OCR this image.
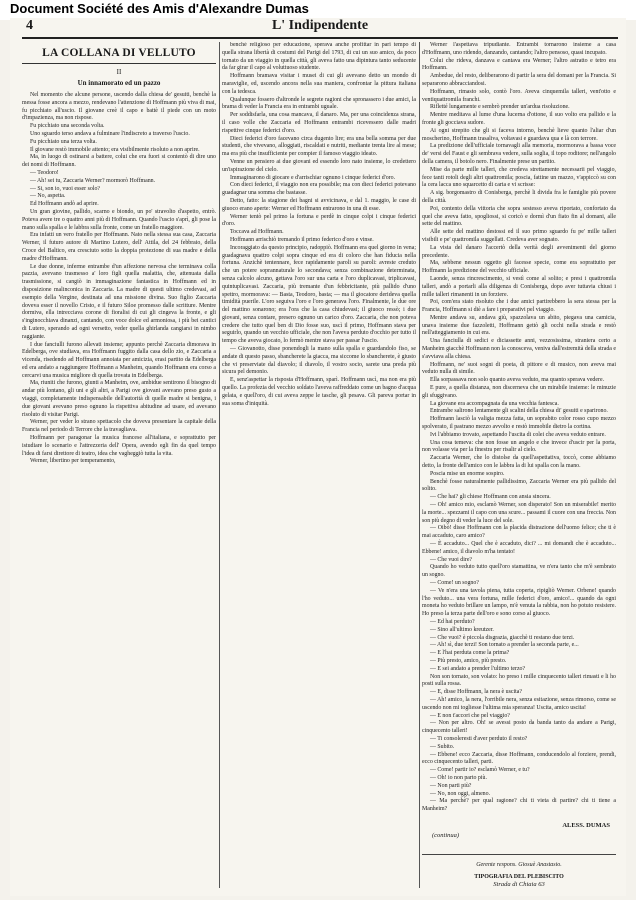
Document Société des Amis d'Alexandre Dumas
4	L' Indipendente
LA COLLANA DI VELLUTO
II
Un innamorato ed un pazzo

Nel momento che alcune persone, uscendo dalla chiesa de' gesuiti, benchè la messa fosse ancora a mezzo, rendevano l'attenzione di Hoffmann più viva di mai, fu picchiato all'uscio. Il giovane creè il capo e battè il piede con un moto d'impazienza, ma non rispose.

Fu picchiato una seconda volta.

Uno sguardo terso andava a fulminare l'indiscreto a traverso l'uscio.

Fu picchiato una terza volta.

Il giovane restò immobile attento; era visibilmente risoluto a non aprire.

Ma, in luogo di ostinarsi a battere, colui che era fuori si contentò di dire uno dei nomi di Hoffmann.

— Teodoro!

— Ah! sei tu, Zaccaria Werner? mormorò Hoffmann.

— Si, son io, vuoi esser solo?

— No, aspetta.

Ed Hoffmann andò ad aprire.

Un gran giovine, pallido, scarno e biondo, un po' stravolto d'aspetto, entrò. Poteva avere tre o quattro anni più di Hoffmann. Quando l'uscio s'aprì, gli pose la mano sulla spalla e le labbra sulla fronte, come un fratello maggiore.

Era infatti un vero fratello per Hoffmann. Nato nella stessa sua casa, Zaccaria Werner, il futuro autore di Martino Lutero, dell' Attila, del 24 febbraio, della Croce del Baltico, era cresciuto sotto la doppia protezione di sua madre e della madre d'Hoffmann.

Le due donne, inferme entrambe d'un affezione nervosa che terminava colla pazzia, avevano trasmesso a' loro figli quella malattia, che, attenuata dalla trasmissione, si cangiò in immaginazione fantastica in Hoffmann ed in disposizione malinconica in Zaccaria. La madre di questi ultimo credevasi, ad esempio della Vergine, destinata ad una missione divina. Suo figlio Zaccaria doveva esser il novello Cristo, e il futuro Siloe promesso dalle scritture. Mentre dormiva, ella intrecciava corone di fioralisi di cui gli cingeva la fronte, e gli s'inginocchiava dinanzi, cantando, con voce dolce ed armoniosa, i più bei cantici di Lutero, sperando ad ogni versetto, veder quella ghirlanda cangiarsi in nimbo raggiante.

I due fanciulli furono allevati insieme; appunto perchè Zaccaria dimorava in Edelberga, ove studiava, era Hoffmann fuggito dalla casa dello zio, e Zaccaria a vicenda, risedendo ad Hoffmann annoiata per amicizia, erasi partito da Edelberga ed era andato a raggiungere Hoffmann a Manheim, quando Hoffmann era corso a cercarvi una musica migliore di quella trovata in Edelberga.

Ma, riuniti che furono, giunti a Manheim, ove, ambidue sentirono il bisogno di andar più lontano, gli uni e gli altri, a Parigi ove giovani avevano preso gusto a viaggi, completamente indispensabile dell'autorità di quelle madre si benigna, i due giovani avevano preso ognuno la rispettiva abitudine ad usare, ed avevano risoluto di visitar Parigi.

Werner, per veder lo strano spettacolo che doveva presentare la capitale della Francia nel periodo di Terrore che la travagliava.

Hoffmann per paragonar la musica francese all'italiana, e soprattutto per istudiare lo scenario e l'attrezzeria dell' Opera, avendo egli fin da quel tempo l'idea di farsi direttore di teatro, idea che vagheggiò tutta la vita.

Werner, libertino per temperamento,

benchè religioso per educazione, sperava anche profittar in pari tempo di quella strana libertà di costumi del Parigi del 1793, di cui un suo amico, da poco tornato da un viaggio in quella città, gli aveva fatto una dipintura tanto seducente da far girar il capo al voluttuoso studente.

Hoffmann bramava visitar i musei di cui gli avevano detto un mondo di maraviglie, ed, uscendo ancora nella sua maniera, confrontar la pittura italiana con la tedesca.

Qualunque fossero d'altronde le segrete ragioni che spronassero i due amici, la brama di veder la Francia era in entrambi uguale.

Per soddisfarla, una cosa mancava, il danaro. Ma, per una coincidenza strana, il caso volle che Zaccaria ed Hoffmann entrambi ricevessero dalle madri rispettive cinque federici d'oro.

Dieci federici d'oro facevano circa dugento lire; era una bella somma per due studenti, che vivevano, alloggiati, riscaldati e nutriti, mediante trenta lire al mese; ma era più che insufficiente per compier il famoso viaggio ideato.

Venne un pensiero ai due giovani ed essendo loro nato insieme, lo credettero un'ispirazione del cielo.

Immaginarono di giocare e d'arrischiar ognuno i cinque federici d'oro.

Con dieci federici, il viaggio non era possibile; ma con dieci federici potevano guadagnar una somma che bastasse.

Detto, fatto: la stagione dei bagni si avvicinava, e dal 1. maggio, le case di giuoco erano aperte: Werner ed Hoffmann entrarono in una di esse.

Werner tentò pel primo la fortuna e perdè in cinque colpi i cinque federici d'oro.

Toccava ad Hoffmann.

Hoffmann arrischiò tremando il primo federico d'oro e vinse.

Incoraggiato da questo principio, radoppiò. Hoffmann era quel giorno in vena; guadagnava quattro colpi sopra cinque ed era di coloro che han fiducia nella fortuna. Anzichè tentennare, fece rapidamente paroli su paroli: avreste creduto che un potere soprannaturale lo secondava; senza combinazione determinata, senza calcolo alcuno, gettava l'oro sur una carta e l'oro duplicavasi, triplicavasi, quintuplicavasi. Zaccaria, più tremante d'un febbricitante, più pallido d'uno spettro, mormorava: — Basta, Teodoro, basta; — ma il giocatore derideva quella timidità puerile. L'oro seguiva l'oro e l'oro generava l'oro. Finalmente, le due ore del mattino sonarono; era l'ora che la casa chiudevasi; il giuoco ressò; i due giovani, senza contare, presero ognuno un carico d'oro. Zaccaria, che non poteva credere che tutto quel ben di Dio fosse suo, uscì il primo, Hoffmann stava per seguirlo, quando un vecchio ufficiale, che non l'aveva perduto d'occhio per tutto il tempo che aveva giocato, lo fermò mentre stava per passar l'uscio.

— Giovanotto, disse ponendogli la mano sulla spalla e guardandolo fiso, se andate di questo passo, sbancherete la giacca, ma siccome lo sbancherete, è giusto che vi preserviate dal diavolo; il diavolo, il vostro socio, sarete una preda più sicura pel demonio.

E, senz'aspettar la risposta d'Hoffmann, sparì. Hoffmann uscì, ma non era più quello. La profezia del vecchio soldato l'aveva raffreddato come un bagno d'acqua gelata, e quell'oro, di cui aveva zeppe le tasche, gli pesava. Gli pareva portar in sua soma d'iniquità.

Werner l'aspettava tripudiante. Entrambi tornarono insieme a casa d'Hoffmann, uno ridendo, danzando, cantando; l'altro pensoso, quasi incupato.

Colui che rideva, danzava e cantava era Werner; l'altro astratto e tetro era Hoffmann.

Ambedue, del resto, deliberarono di partir la sera del domani per la Francia. Si separarono abbracciandosi.

Hoffmann, rimasto solo, contò l'oro. Aveva cinquemila talleri, vent'otto e ventiquattromila franchi.

Rifletté lungamente e sembrò prender un'ardua risoluzione.

Mentre meditava al lume d'una lucerna d'ottone, il suo volto era pallido e la fronte gli gocciava sudore.

Ai ogni strepito che gli si faceva intorno, benchè lieve quanto l'aliar d'un moscherino, Hoffmann trasaliva, voltavasi e guardava qua e là con terrore.

La predizione dell'ufficiale tornavagli alla memoria, mormorava a bassa voce de' versi del Faust e gli sembrava vedere, sulla soglia, il topo roditore; nell'angolo della camera, il botolo nero. Finalmente prese un partito.

Mise da parte mille talleri, che credeva strettamente necessarii pel viaggio, fece tanti rotoli degli altri quattromila; poscia, fattine un mazzo, v'appiccò su con la cera lacca uno squarcetto di carta e vi scrisse:

A sig. borgomastro di Conisberga, perchè li divida fra le famiglie più povere della città.

Poi, contento della vittoria che sopra sestesso aveva riportato, confortato da quel che aveva fatto, spogliossi, si coricò e dormì d'un fiato fin al domani, alle sette del mattino.

Alle sette del mattino destossi ed il suo primo sguardo fu pe' mille talleri visibili e pe' quattromila suggellati. Credeva aver sognato.

La vista del danaro l'accertò della verità degli avvenimenti del giorno precedente.

Ma, sebbene nessun oggetto gli facesse specie, come era soprattutto per Hoffmann la predizione del vecchio ufficiale.

Laonde, senza rincrescimento, si vestì come al solito; e presi i quattromila talleri, andò a portarli alla diligenza di Conisberga, dopo aver tuttavia chiusi i mille talleri rimanenti in un forziere.

Poi, com'era stato risoluto che i due amici partirebbero la sera stessa per la Francia, Hoffmann si diè a fare i preparativi pel viaggio.

Mentre andava su, andava giù, spazzolava un abito, piegava una camicia, unava insieme due fazzoletti, Hoffmann gettò gli occhi nella strada e restò nell'atteggiamento in cui era.

Una fanciulla di sedici e diciassette anni, vezzosissima, straniera certo a Manheim giacchè Hoffmann non la conosceva, veniva dall'estremità della strada e s'avviava alla chiesa.

Hoffmann, ne' suoi sogni di poeta, di pittore e di musico, non aveva mai veduto nulla di simile.

Ella sorpassava non solo quanto aveva veduto, ma quanto sperava vedere.

E pure, a quella distanza, non discerneva che un mirabile insieme: le minuzie gli sfuggivano.

La giovane era accompagnata da una vecchia fantesca.

Entrambe salirono lentamente gli scalini della chiesa di' gesuiti e sparirono.

Hoffmann lasciò la valigia mezza fatta, un soprabito color rosso cupo mezzo spolverato, il pastrano mezzo avvolto e restò immobile dietro la cortina.

Ivi l'abbiamo trovato, aspettando l'uscita di colei che aveva veduto entrare.

Una cosa temeva: che non fosse un angelo e che invece d'uscir per la porta, non volasse via per la finestra per risalir al cielo.

Zaccaria Werner, che lo distolse da quell'aspettativa, toccò, come abbiamo detto, la fronte dell'amico con le labbra la di lui spalla con la mano.

Poscia mise un enorme sospiro.

Benchè fosse naturalmente pallidissimo, Zaccaria Werner era più pallido del solito.

— Che hai? gli chiese Hoffmann con ansia sincera.

— Oh! amico mio, esclamò Werner, son disperato! Son un miserabile! merito la morte... spezzami il capo con una scure... passami il cuore con una freccia. Non son più degno di veder la luce del sole.

— Oibò! disse Hoffmann con la placida distrazione dell'uomo felice; che ti è mai accaduto, caro amico?

— È accaduto... Quel che è accaduto, dici? ... mi domandi che è accaduto... Ebbene! amico, il diavolo m'ha tentato!

— Che vuoi dire?

Quando ho veduto tutto quell'oro stamattina, ve n'era tanto che m'è sembrato un sogno.

— Come! un sogno?

— Ve n'era una tavola piena, tutta coperta, ripigliò Werner. Orbene! quando l'ho veduto... una vera fortuna, mille federici d'oro, amico!... quando da ogni moneta ho veduto brillare un lampo, m'è venuta la rabbia, non ho potuto resistere. Ho preso la terza parte dell'oro e sono corso al giuoco.

— Ed hai perduto?

— Sino all'ultimo kreutzer.

— Che vuoi? è piccola disgrazia, giacchè ti restano due terzi.

— Ah! sì, due terzi! Son tornato a prender la seconda parte, e...

— E l'hai perduta come la prima?

— Più presto, amico, più presto.

— E sei andato a prender l'ultimo terzo?

Non son tornato, son volato: ho preso i mille cinquecento talleri rimasti e li ho posti sulla rossa.

— E, disse Hoffmann, la nera è uscita?

— Ah! amico, la nera, l'orribile nera, senza esitazione, senza rimorso, come se uscendo non mi togliesse l'ultima mia speranza! Uscita, amico uscita!

— E non t'accori che pel viaggio?

— Non per altro. Oh! se avessi posto da banda tanto da andare a Parigi, cinquecento talleri!

— Ti consoleresti d'aver perduto il resto?

— Subito.

— Ebbene! ecco Zaccaria, disse Hoffmann, conducendolo al forziere, prendi, ecco cinquecento talleri, parti.

— Come! partir io? esclamò Werner, e tu?

— Oh! io non parto più.

— Non parti più?

— No, non oggi, almeno.

— Ma perchè? per qual ragione? chi ti vieta di partire? chi ti tiene a Manheim?

ALESS. DUMAS
(continua)
Gerente respons. Giosuè Anastasio.
TIPOGRAFIA DEL PLEBISCITO
Strada di Chiaia 63
